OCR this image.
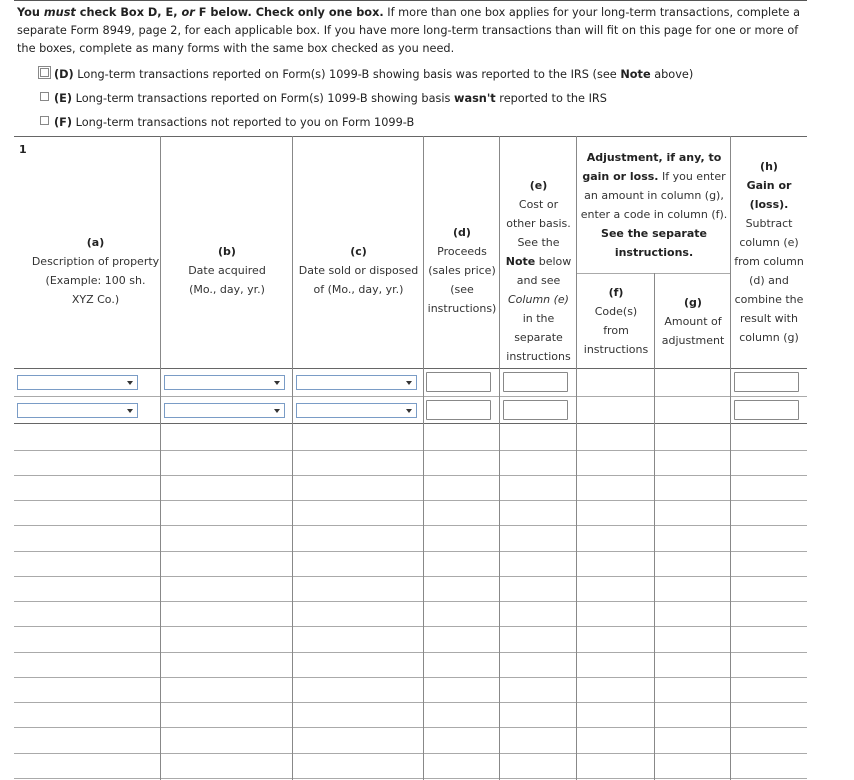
You must check Box D, E, or F below. Check only one box. If more than one box applies for your long-term transactions, complete a separate Form 8949, page 2, for each applicable box. If you have more long-term transactions than will fit on this page for one or more of the boxes, complete as many forms with the same box checked as you need.
(D) Long-term transactions reported on Form(s) 1099-B showing basis was reported to the IRS (see Note above)
(E) Long-term transactions reported on Form(s) 1099-B showing basis wasn't reported to the IRS
(F) Long-term transactions not reported to you on Form 1099-B
1
(a)
Description of property
(Example: 100 sh.
XYZ Co.)
(b)
Date acquired
(Mo., day, yr.)
(c)
Date sold or disposed
of (Mo., day, yr.)
(d)
Proceeds
(sales price)
(see
instructions)
(e)
Cost or
other basis.
See the
Note below
and see
Column (e)
in the
separate
instructions
Adjustment, if any, to
gain or loss. If you enter
an amount in column (g),
enter a code in column (f).
See the separate
instructions.
(f)
Code(s)
from
instructions
(g)
Amount of
adjustment
(h)
Gain or
(loss).
Subtract
column (e)
from column
(d) and
combine the
result with
column (g)
